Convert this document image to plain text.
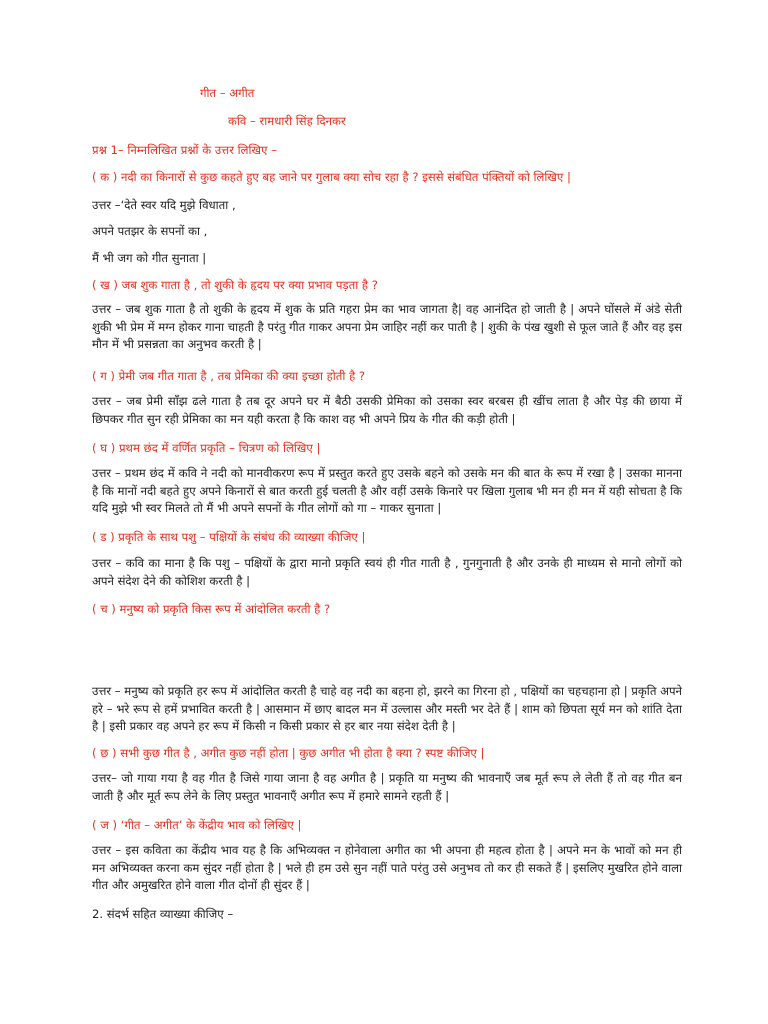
गीत – अगीत
कवि – रामधारी सिंह दिनकर
प्रश्न 1– निम्नलिखित प्रश्नों के उत्तर लिखिए –
( क ) नदी का किनारों से कुछ कहते हुए बह जाने पर गुलाब क्या सोच रहा है ? इससे संबंधित पंक्तियों को लिखिए |
उत्तर –‘देते स्वर यदि मुझे विधाता ,
अपने पतझर के सपनों का ,
मैं भी जग को गीत सुनाता |
( ख ) जब शुक गाता है , तो शुकी के हृदय पर क्या प्रभाव पड़ता है ?
उत्तर – जब शुक गाता है तो शुकी के हृदय में शुक के प्रति गहरा प्रेम का भाव जागता है| वह आनंदित हो जाती है | अपने घोंसले में अंडे सेती शुकी भी प्रेम में मग्न होकर गाना चाहती है परंतु गीत गाकर अपना प्रेम जाहिर नहीं कर पाती है | शुकी के पंख खुशी से फूल जाते हैं और वह इस मौन में भी प्रसन्नता का अनुभव करती है |
( ग ) प्रेमी जब गीत गाता है , तब प्रेमिका की क्या इच्छा होती है ?
उत्तर – जब प्रेमी साँझ ढले गाता है तब दूर अपने घर में बैठी उसकी प्रेमिका को उसका स्वर बरबस ही खींच लाता है और पेड़ की छाया में छिपकर गीत सुन रही प्रेमिका का मन यही करता है कि काश वह भी अपने प्रिय के गीत की कड़ी होती |
( घ ) प्रथम छंद में वर्णित प्रकृति – चित्रण को लिखिए |
उत्तर – प्रथम छंद में कवि ने नदी को मानवीकरण रूप में प्रस्तुत करते हुए उसके बहने को उसके मन की बात के रूप में रखा है | उसका मानना है कि मानों नदी बहते हुए अपने किनारों से बात करती हुई चलती है और वहीं उसके किनारे पर खिला गुलाब भी मन ही मन में यही सोचता है कि यदि मुझे भी स्वर मिलते तो मैं भी अपने सपनों के गीत लोगों को गा – गाकर सुनाता |
( ड ) प्रकृति के साथ पशु – पक्षियों के संबंध की व्याख्या कीजिए |
उत्तर – कवि का माना है कि पशु – पक्षियों के द्वारा मानो प्रकृति स्वयं ही गीत गाती है , गुनगुनाती है और उनके ही माध्यम से मानो लोगों को अपने संदेश देने की कोशिश करती है |
( च ) मनुष्य को प्रकृति किस रूप में आंदोलित करती है ?
उत्तर – मनुष्य को प्रकृति हर रूप में आंदोलित करती है चाहे वह नदी का बहना हो, झरने का गिरना हो , पक्षियों का चहचहाना हो | प्रकृति अपने हरे – भरे रूप से हमें प्रभावित करती है | आसमान में छाए बादल मन में उल्लास और मस्ती भर देते हैं | शाम को छिपता सूर्य मन को शांति देता है | इसी प्रकार वह अपने हर रूप में किसी न किसी प्रकार से हर बार नया संदेश देती है |
( छ ) सभी कुछ गीत है , अगीत कुछ नहीं होता | कुछ अगीत भी होता है क्या ? स्पष्ट कीजिए |
उत्तर– जो गाया गया है वह गीत है जिसे गाया जाना है वह अगीत है | प्रकृति या मनुष्य की भावनाएँ जब मूर्त रूप ले लेती हैं तो वह गीत बन जाती है और मूर्त रूप लेने के लिए प्रस्तुत भावनाएँ अगीत रूप में हमारे सामने रहती हैं |
( ज ) ‘गीत – अगीत’ के केंद्रीय भाव को लिखिए |
उत्तर – इस कविता का केंद्रीय भाव यह है कि अभिव्यक्त न होनेवाला अगीत का भी अपना ही महत्व होता है | अपने मन के भावों को मन ही मन अभिव्यक्त करना कम सुंदर नहीं होता है | भले ही हम उसे सुन नहीं पाते परंतु उसे अनुभव तो कर ही सकते हैं | इसलिए मुखरित होने वाला गीत और अमुखरित होने वाला गीत दोनों ही सुंदर हैं |
2. संदर्भ सहित व्याख्या कीजिए –
